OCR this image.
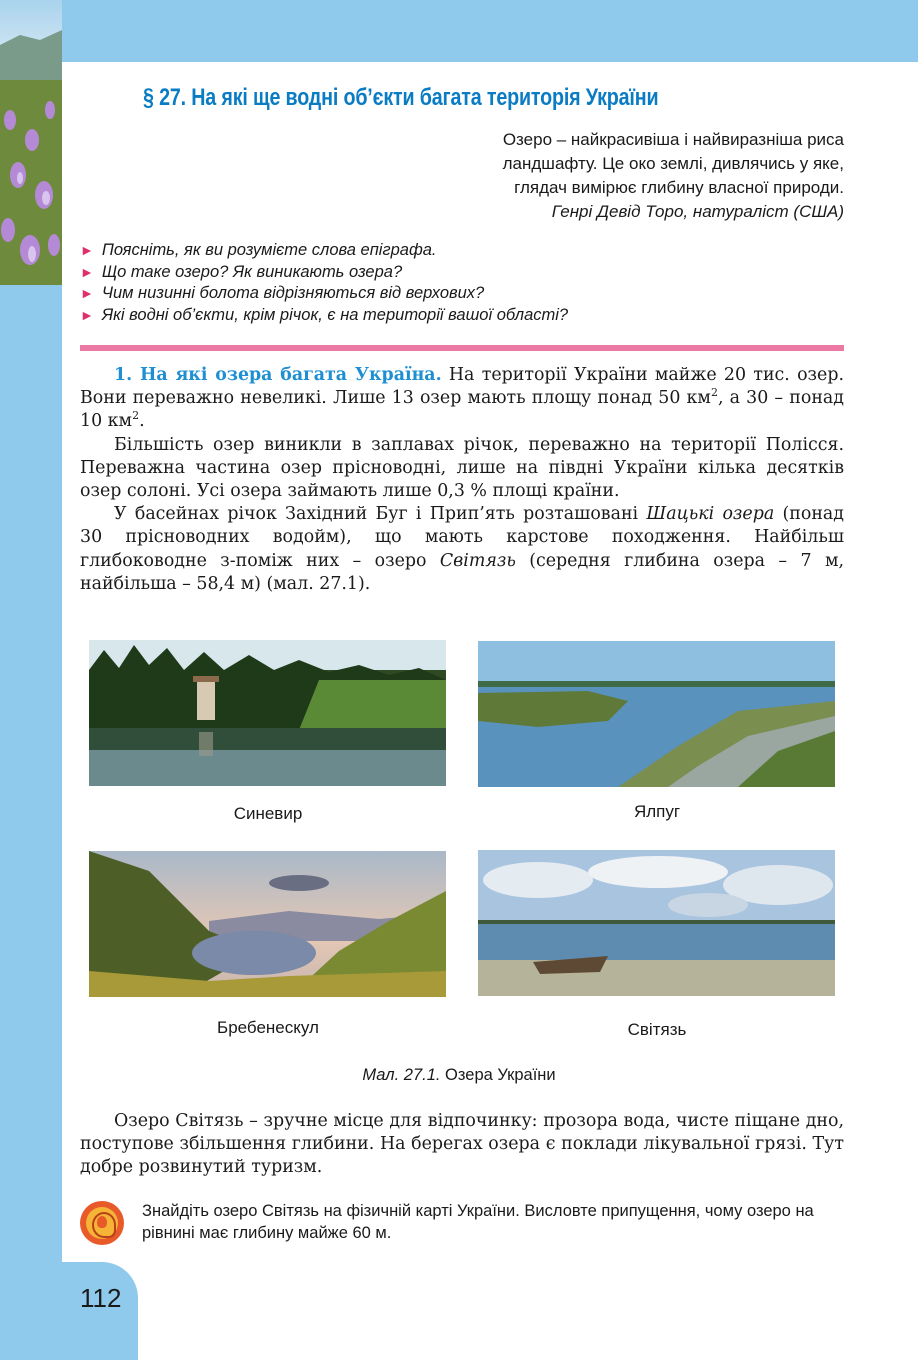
§ 27. На які ще водні об’єкти багата територія України
Озеро – найкрасивіша і найвиразніша риса
ландшафту. Це око землі, дивлячись у яке,
глядач вимірює глибину власної природи.
Генрі Девід Торо, натураліст (США)
► Поясніть, як ви розумієте слова епіграфа.
► Що таке озеро? Як виникають озера?
► Чим низинні болота відрізняються від верхових?
► Які водні об’єкти, крім річок, є на території вашої області?

1. На які озера багата Україна. На території України майже 20 тис. озер. Вони переважно невеликі. Лише 13 озер мають площу понад 50 $км^2$, а 30 – понад 10 $км^2$.

Більшість озер виникли в заплавах річок, переважно на території Полісся. Переважна частина озер прісноводні, лише на півдні України кілька десятків озер солоні. Усі озера займають лише 0,3 % площі країни.

У басейнах річок Західний Буг і Прип’ять розташовані Шацькі озера (понад 30 прісноводних водойм), що мають карстове походження. Найбільш глибоководне з-поміж них – озеро Світязь (середня глибина озера – 7 м, найбільша – 58,4 м) (мал. 27.1).

Синевир	Ялпуг
Бребенескул	Світязь
Мал. 27.1. Озера України

Озеро Світязь – зручне місце для відпочинку: прозора вода, чисте піщане дно, поступове збільшення глибини. На берегах озера є поклади лікувальної грязі. Тут добре розвинутий туризм.

Знайдіть озеро Світязь на фізичній карті України. Висловте припущення, чому озеро на рівнині має глибину майже 60 м.
112
